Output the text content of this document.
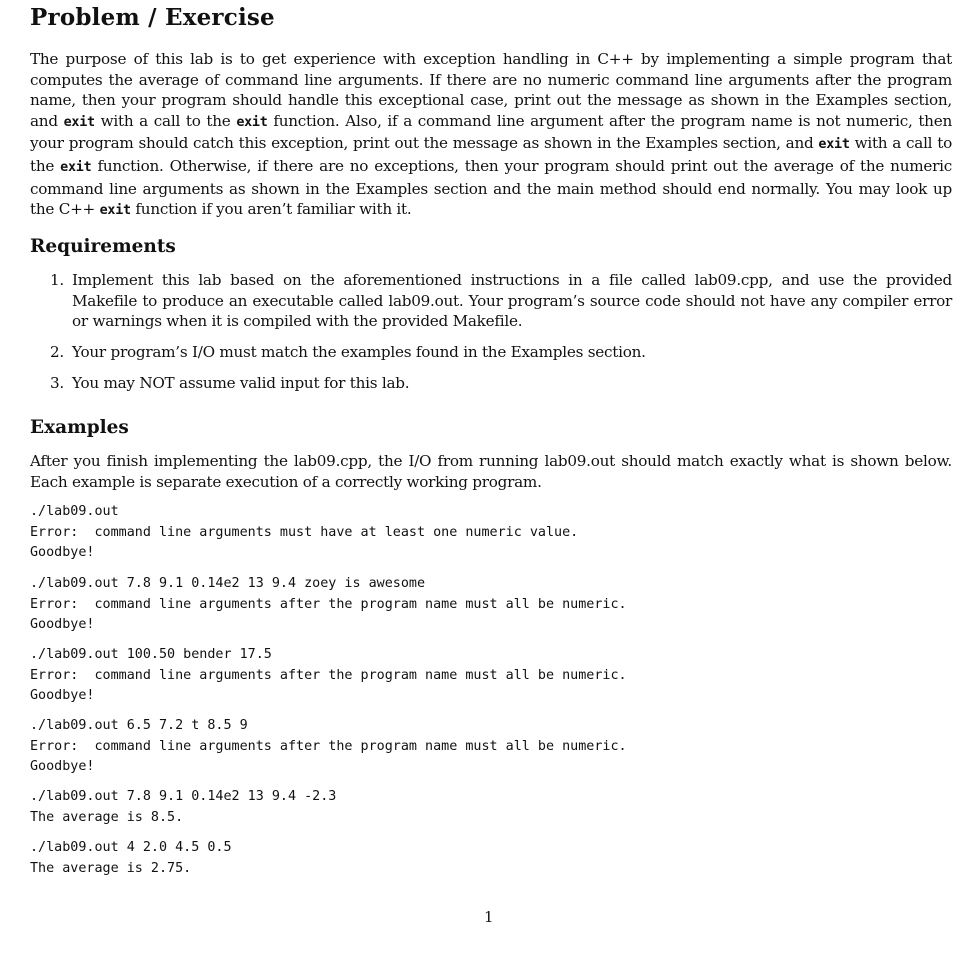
Problem / Exercise

The purpose of this lab is to get experience with exception handling in C++ by implementing a simple program that computes the average of command line arguments. If there are no numeric command line arguments after the program name, then your program should handle this exceptional case, print out the message as shown in the Examples section, and exit with a call to the exit function. Also, if a command line argument after the program name is not numeric, then your program should catch this exception, print out the message as shown in the Examples section, and exit with a call to the exit function. Otherwise, if there are no exceptions, then your program should print out the average of the numeric command line arguments as shown in the Examples section and the main method should end normally. You may look up the C++ exit function if you aren’t familiar with it.

Requirements
1. Implement this lab based on the aforementioned instructions in a file called lab09.cpp, and use the provided Makefile to produce an executable called lab09.out. Your program’s source code should not have any compiler error or warnings when it is compiled with the provided Makefile.
2. Your program’s I/O must match the examples found in the Examples section.
3. You may NOT assume valid input for this lab.
Examples

After you finish implementing the lab09.cpp, the I/O from running lab09.out should match exactly what is shown below. Each example is separate execution of a correctly working program.

./lab09.out
Error:  command line arguments must have at least one numeric value.
Goodbye!
./lab09.out 7.8 9.1 0.14e2 13 9.4 zoey is awesome
Error:  command line arguments after the program name must all be numeric.
Goodbye!
./lab09.out 100.50 bender 17.5
Error:  command line arguments after the program name must all be numeric.
Goodbye!
./lab09.out 6.5 7.2 t 8.5 9
Error:  command line arguments after the program name must all be numeric.
Goodbye!
./lab09.out 7.8 9.1 0.14e2 13 9.4 -2.3
The average is 8.5.
./lab09.out 4 2.0 4.5 0.5
The average is 2.75.
1
